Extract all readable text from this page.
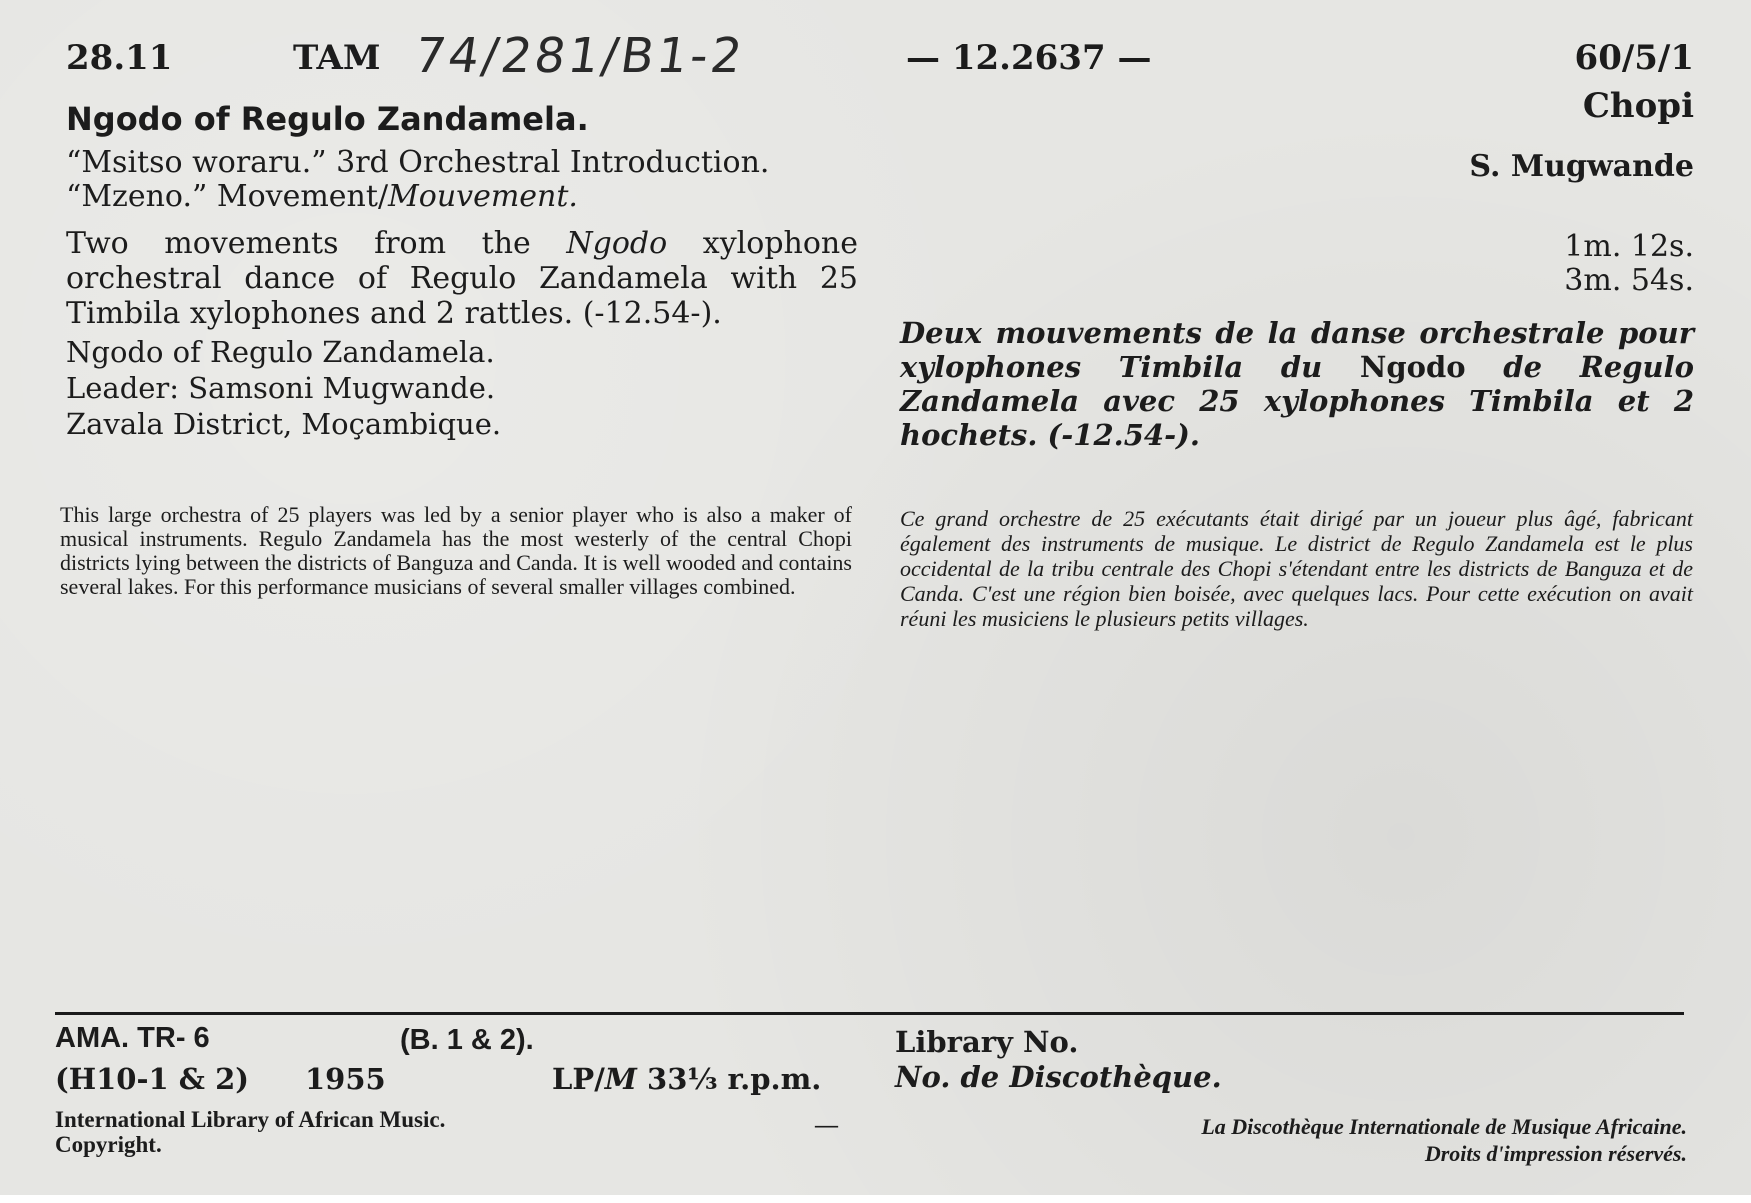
28.11	TAM 74/281/B1-2	— 12.2637 —	60/5/1
Chopi
Ngodo of Regulo Zandamela.
“Msitso woraru.” 3rd Orchestral Introduction.
“Mzeno.” Movement/Mouvement.
S. Mugwande
Two movements from the Ngodo xylophone orchestral dance of Regulo Zandamela with 25 Timbila xylophones and 2 rattles. (-12.54-).
1m. 12s.
3m. 54s.
Ngodo of Regulo Zandamela.
Leader: Samsoni Mugwande.
Zavala District, Moçambique.
Deux mouvements de la danse orchestrale pour xylophones Timbila du Ngodo de Regulo Zandamela avec 25 xylophones Timbila et 2 hochets. (-12.54-).
This large orchestra of 25 players was led by a senior player who is also a maker of musical instruments. Regulo Zandamela has the most westerly of the central Chopi districts lying between the districts of Banguza and Canda. It is well wooded and contains several lakes. For this performance musicians of several smaller villages combined.
Ce grand orchestre de 25 exécutants était dirigé par un joueur plus âgé, fabricant également des instruments de musique. Le district de Regulo Zandamela est le plus occidental de la tribu centrale des Chopi s'étendant entre les districts de Banguza et de Canda. C'est une région bien boisée, avec quelques lacs. Pour cette exécution on avait réuni les musiciens le plusieurs petits villages.
AMA. TR- 6	(B. 1 & 2).	Library No.
(H10-1 & 2) 1955	LP/M 33⅓ r.p.m.	No. de Discothèque.
International Library of African Music.
Copyright.
—	La Discothèque Internationale de Musique Africaine.
Droits d'impression réservés.
